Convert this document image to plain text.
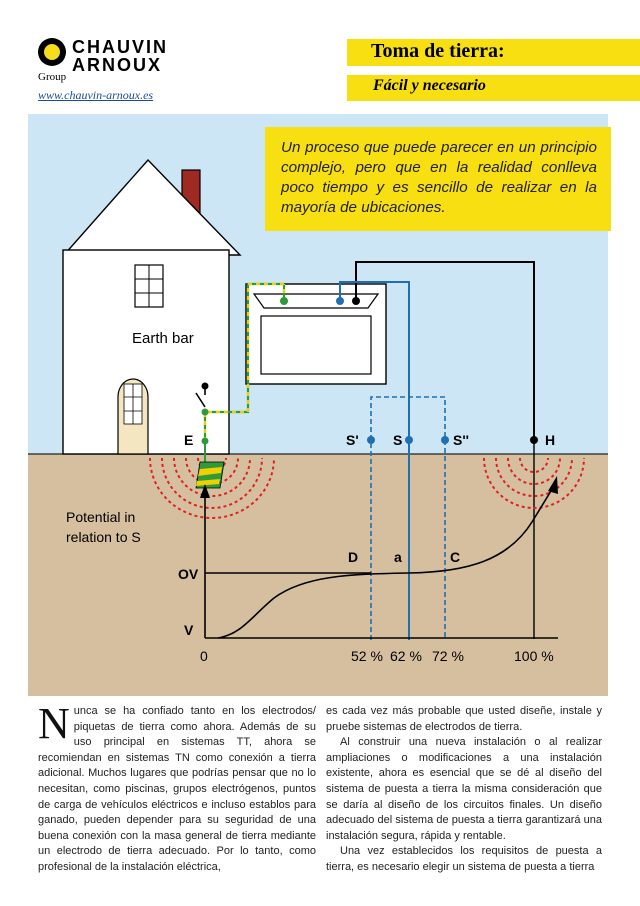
CHAUVIN
ARNOUX
Group
www.chauvin-arnoux.es
Toma de tierra:
Fácil y necesario
Earth bar
E	S' S	S''	H
Potential in
relation to S
OV
V
D	a	C
0	52 % 62 % 72 %	100 %

Un proceso que puede parecer en un principio complejo, pero que en la realidad conlleva poco tiempo y es sencillo de realizar en la mayoría de ubicaciones.

Nunca se ha confiado tanto en los electrodos/ piquetas de tierra como ahora. Además de su uso principal en sistemas TT, ahora se recomiendan en sistemas TN como conexión a tierra adicional. Muchos lugares que podrías pensar que no lo necesitan, como piscinas, grupos electrógenos, puntos de carga de vehículos eléctricos e incluso establos para ganado, pueden depender para su seguridad de una buena conexión con la masa general de tierra mediante un electrodo de tierra adecuado. Por lo tanto, como profesional de la instalación eléctrica,

es cada vez más probable que usted diseñe, instale y pruebe sistemas de electrodos de tierra.

Al construir una nueva instalación o al realizar ampliaciones o modificaciones a una instalación existente, ahora es esencial que se dé al diseño del sistema de puesta a tierra la misma consideración que se daría al diseño de los circuitos finales. Un diseño adecuado del sistema de puesta a tierra garantizará una instalación segura, rápida y rentable.

Una vez establecidos los requisitos de puesta a tierra, es necesario elegir un sistema de puesta a tierra
